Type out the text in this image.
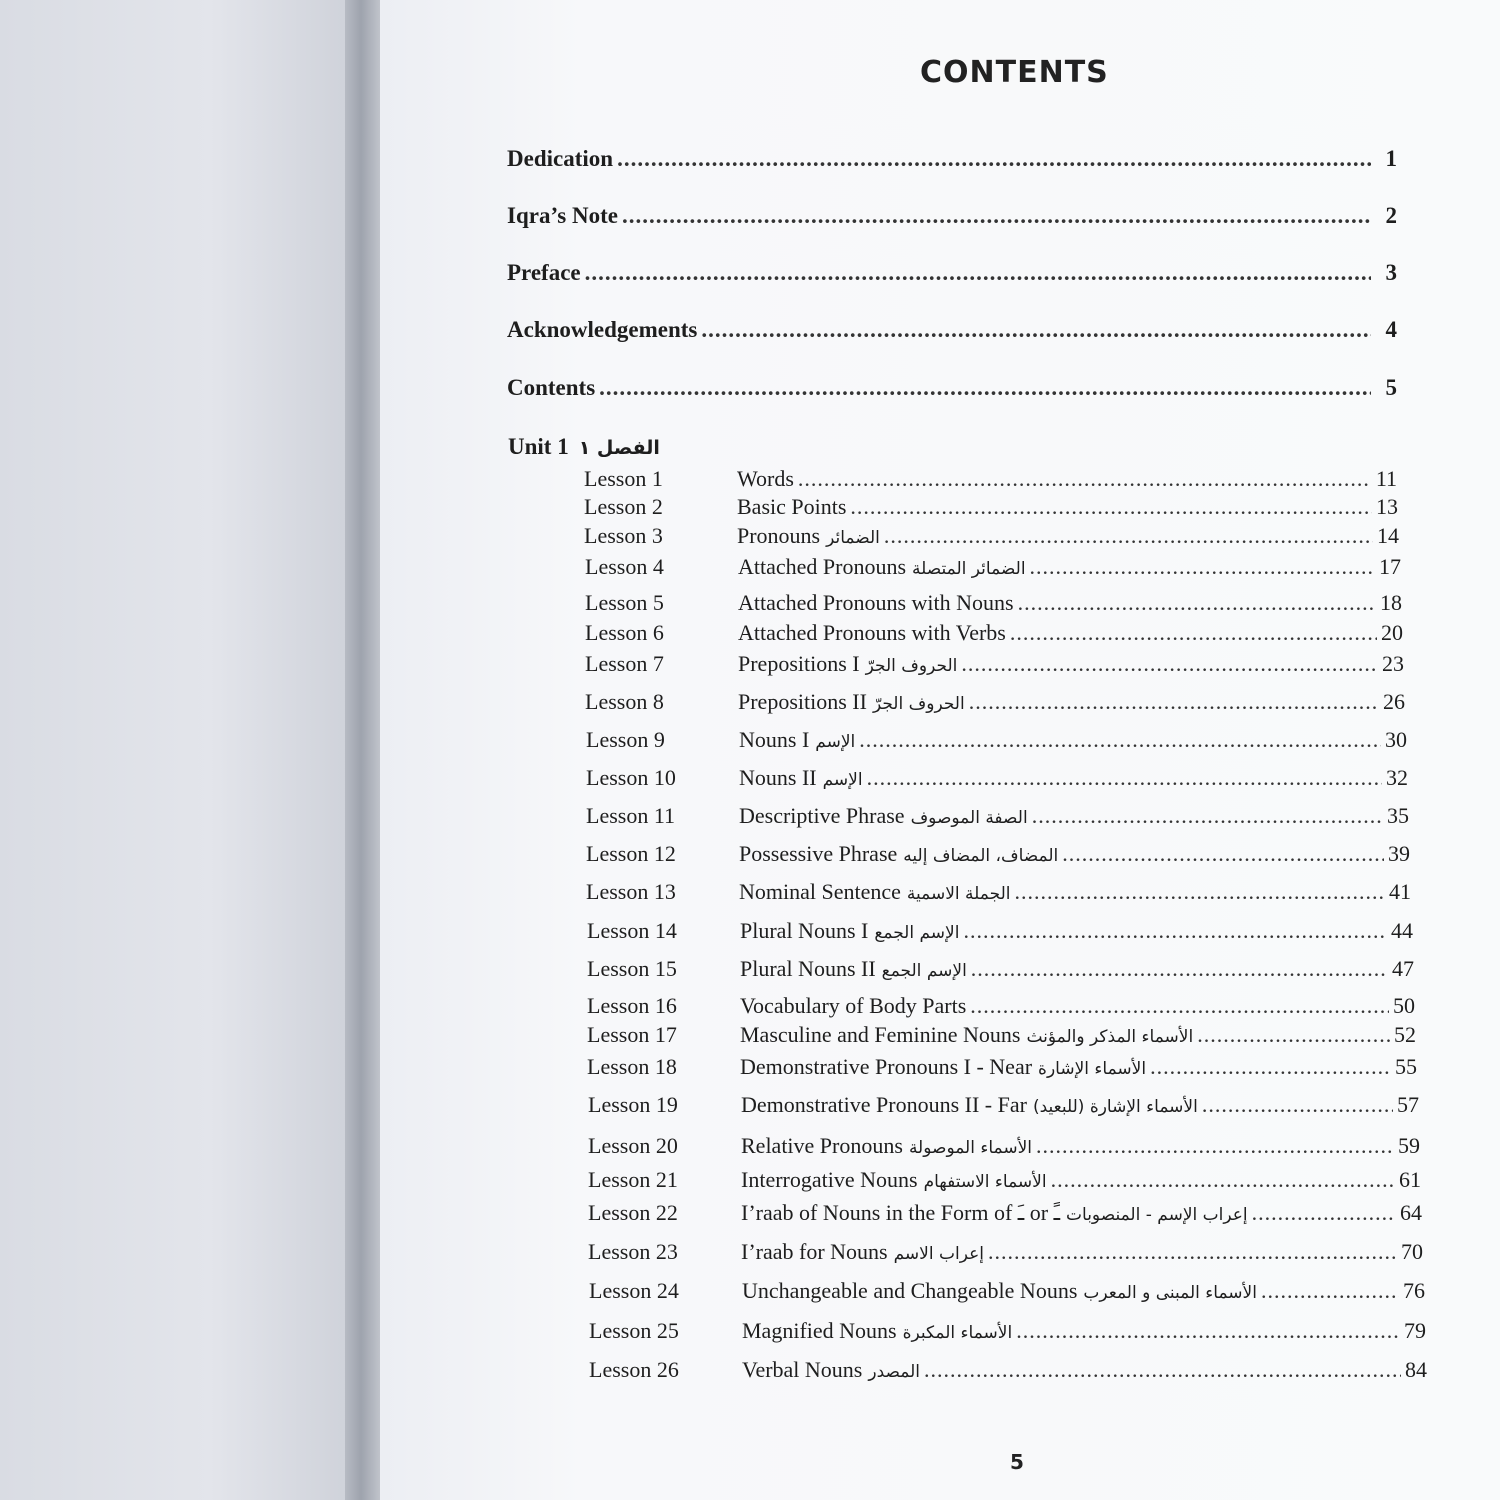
CONTENTS
Dedication .....	1
Iqra’s Note .....	2
Preface .....	3
Acknowledgements .....	4
Contents .....	5
Unit 1 الفصل ١
Lesson 1	Words .....	11
Lesson 2	Basic Points .....	13
Lesson 3	Pronouns الضمائر .....	14
Lesson 4	Attached Pronouns الضمائر المتصلة .....	17
Lesson 5	Attached Pronouns with Nouns .....	18
Lesson 6	Attached Pronouns with Verbs .....	20
Lesson 7	Prepositions I الحروف الجرّ .....	23
Lesson 8	Prepositions II الحروف الجرّ .....	26
Lesson 9	Nouns I الإسم .....	30
Lesson 10	Nouns II الإسم .....	32
Lesson 11	Descriptive Phrase الصفة الموصوف .....	35
Lesson 12	Possessive Phrase المضاف، المضاف إليه .....	39
Lesson 13	Nominal Sentence الجملة الاسمية .....	41
Lesson 14	Plural Nouns I الإسم الجمع .....	44
Lesson 15	Plural Nouns II الإسم الجمع .....	47
Lesson 16	Vocabulary of Body Parts .....	50
Lesson 17	Masculine and Feminine Nouns الأسماء المذكر والمؤنث .....	52
Lesson 18	Demonstrative Pronouns I - Near الأسماء الإشارة .....	55
Lesson 19	Demonstrative Pronouns II - Far الأسماء الإشارة (للبعيد) .....	57
Lesson 20	Relative Pronouns الأسماء الموصولة .....	59
Lesson 21	Interrogative Nouns الأسماء الاستفهام .....	61
Lesson 22	I’raab of Nouns in the Form of ـَ or ـً إعراب الإسم - المنصوبات .....	64
Lesson 23	I’raab for Nouns إعراب الاسم .....	70
Lesson 24	Unchangeable and Changeable Nouns الأسماء المبنى و المعرب .....	76
Lesson 25	Magnified Nouns الأسماء المكبرة .....	79
Lesson 26	Verbal Nouns المصدر .....	84
5
